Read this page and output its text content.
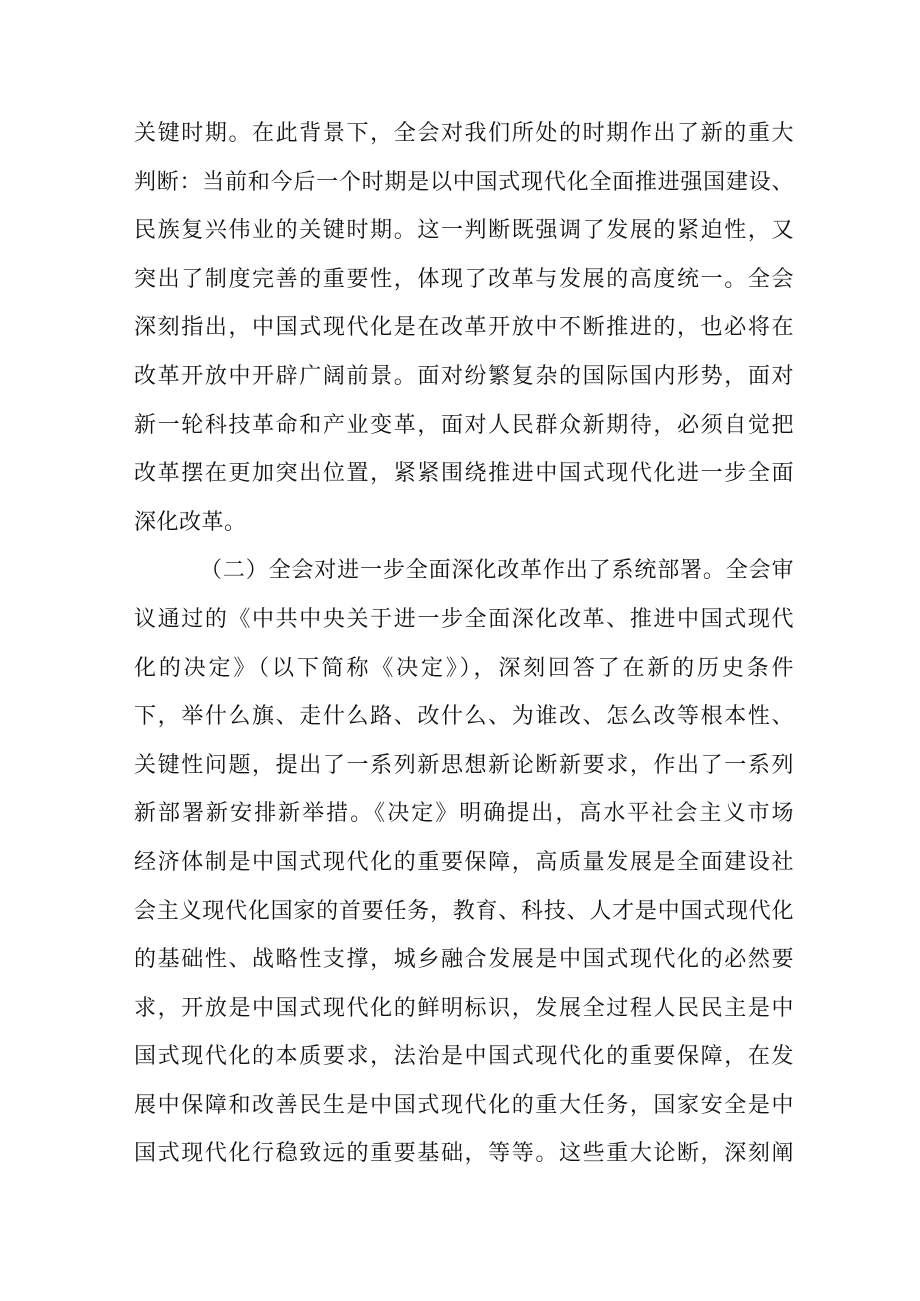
关键时期。在此背景下，全会对我们所处的时期作出了新的重大
判断：当前和今后一个时期是以中国式现代化全面推进强国建设、
民族复兴伟业的关键时期。这一判断既强调了发展的紧迫性，又
突出了制度完善的重要性，体现了改革与发展的高度统一。全会
深刻指出，中国式现代化是在改革开放中不断推进的，也必将在
改革开放中开辟广阔前景。面对纷繁复杂的国际国内形势，面对
新一轮科技革命和产业变革，面对人民群众新期待，必须自觉把
改革摆在更加突出位置，紧紧围绕推进中国式现代化进一步全面
深化改革。
（二）全会对进一步全面深化改革作出了系统部署。全会审
议通过的《中共中央关于进一步全面深化改革、推进中国式现代
化的决定》（以下简称《决定》），深刻回答了在新的历史条件
下，举什么旗、走什么路、改什么、为谁改、怎么改等根本性、
关键性问题，提出了一系列新思想新论断新要求，作出了一系列
新部署新安排新举措。《决定》明确提出，高水平社会主义市场
经济体制是中国式现代化的重要保障，高质量发展是全面建设社
会主义现代化国家的首要任务，教育、科技、人才是中国式现代化
的基础性、战略性支撑，城乡融合发展是中国式现代化的必然要
求，开放是中国式现代化的鲜明标识，发展全过程人民民主是中
国式现代化的本质要求，法治是中国式现代化的重要保障，在发
展中保障和改善民生是中国式现代化的重大任务，国家安全是中
国式现代化行稳致远的重要基础，等等。这些重大论断，深刻阐
